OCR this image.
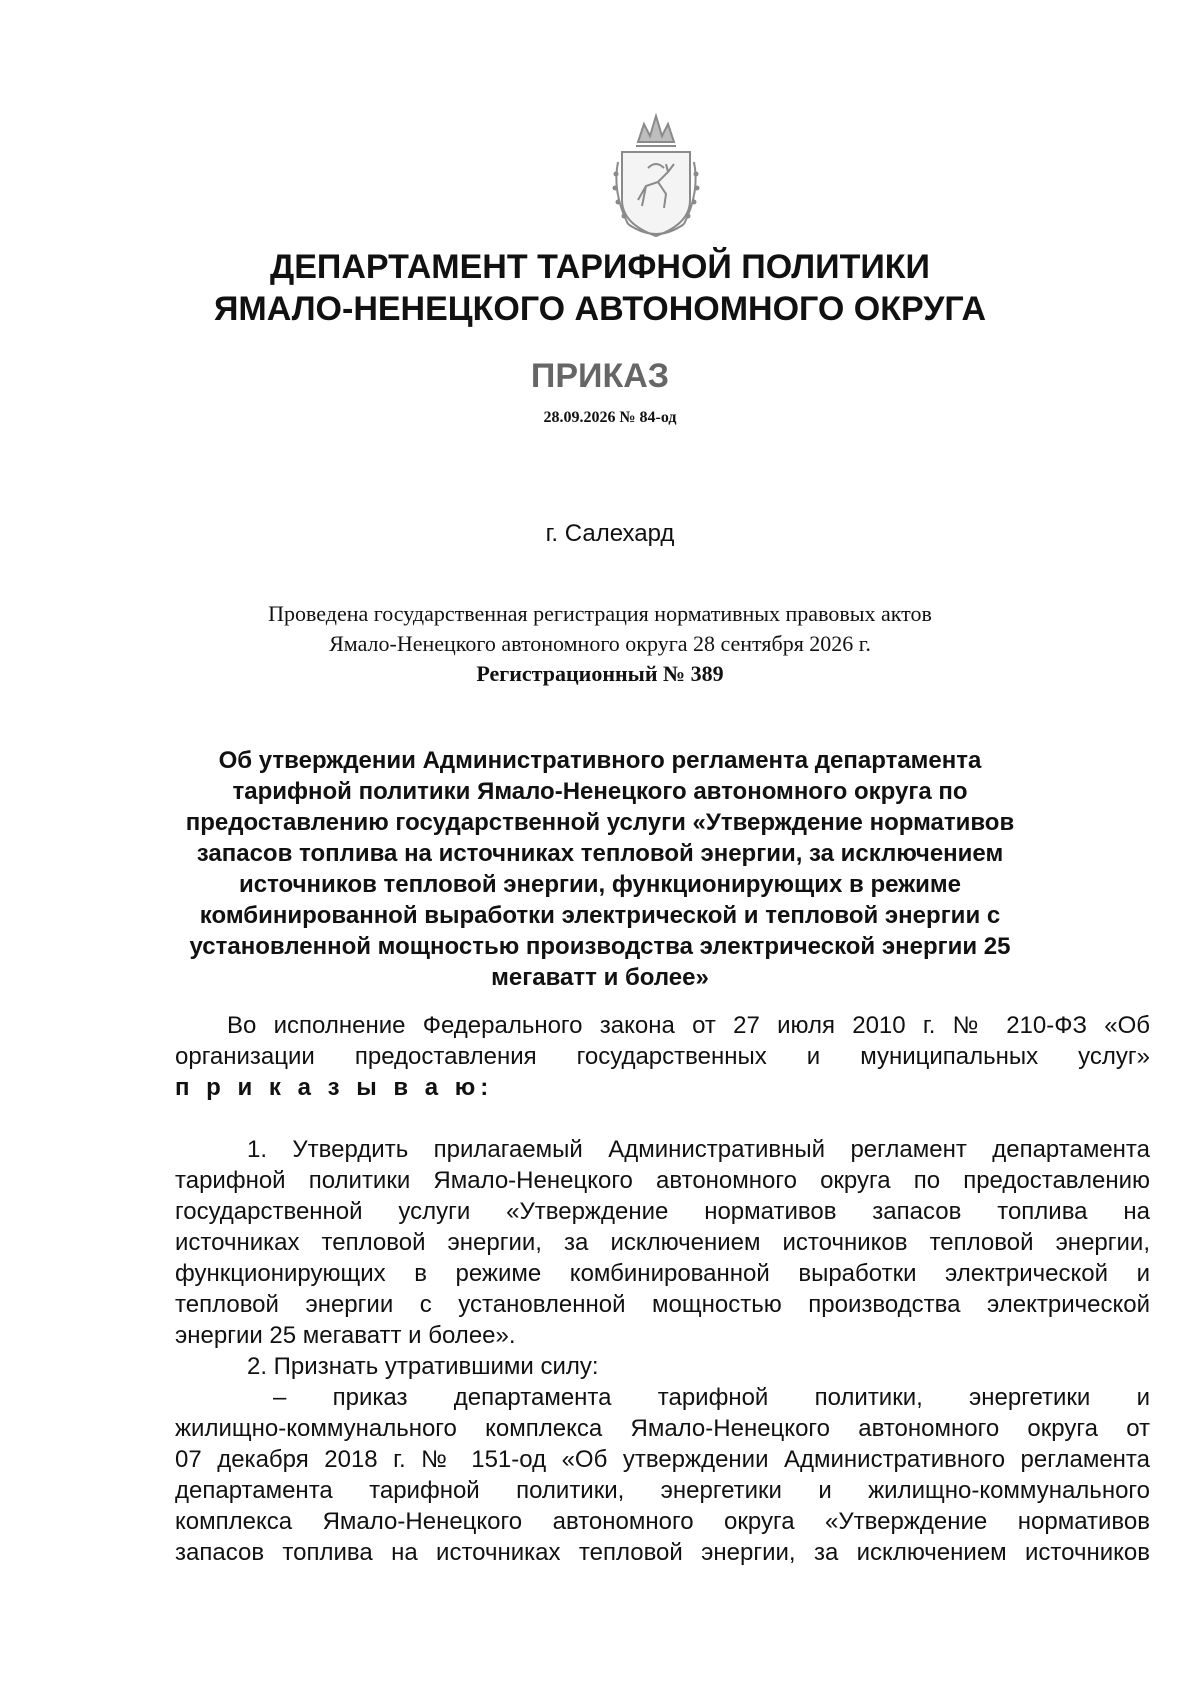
ДЕПАРТАМЕНТ ТАРИФНОЙ ПОЛИТИКИ
ЯМАЛО-НЕНЕЦКОГО АВТОНОМНОГО ОКРУГА
ПРИКАЗ
28.09.2026 № 84-од
г. Салехард
Проведена государственная регистрация нормативных правовых актов
Ямало-Ненецкого автономного округа 28 сентября 2026 г.
Регистрационный № 389
Об утверждении Административного регламента департамента
тарифной политики Ямало-Ненецкого автономного округа по
предоставлению государственной услуги «Утверждение нормативов
запасов топлива на источниках тепловой энергии, за исключением
источников тепловой энергии, функционирующих в режиме
комбинированной выработки электрической и тепловой энергии с
установленной мощностью производства электрической энергии 25
мегаватт и более»
Во исполнение Федерального закона от 27 июля 2010 г. № 210-ФЗ «Об
организации предоставления государственных и муниципальных услуг»
п р и к а з ы в а ю:
1. Утвердить прилагаемый Административный регламент департамента
тарифной политики Ямало-Ненецкого автономного округа по предоставлению
государственной услуги «Утверждение нормативов запасов топлива на
источниках тепловой энергии, за исключением источников тепловой энергии,
функционирующих в режиме комбинированной выработки электрической и
тепловой энергии с установленной мощностью производства электрической
энергии 25 мегаватт и более».
2. Признать утратившими силу:
– приказ департамента тарифной политики, энергетики и
жилищно-коммунального комплекса Ямало-Ненецкого автономного округа от
07 декабря 2018 г. № 151-од «Об утверждении Административного регламента
департамента тарифной политики, энергетики и жилищно-коммунального
комплекса Ямало-Ненецкого автономного округа «Утверждение нормативов
запасов топлива на источниках тепловой энергии, за исключением источников
